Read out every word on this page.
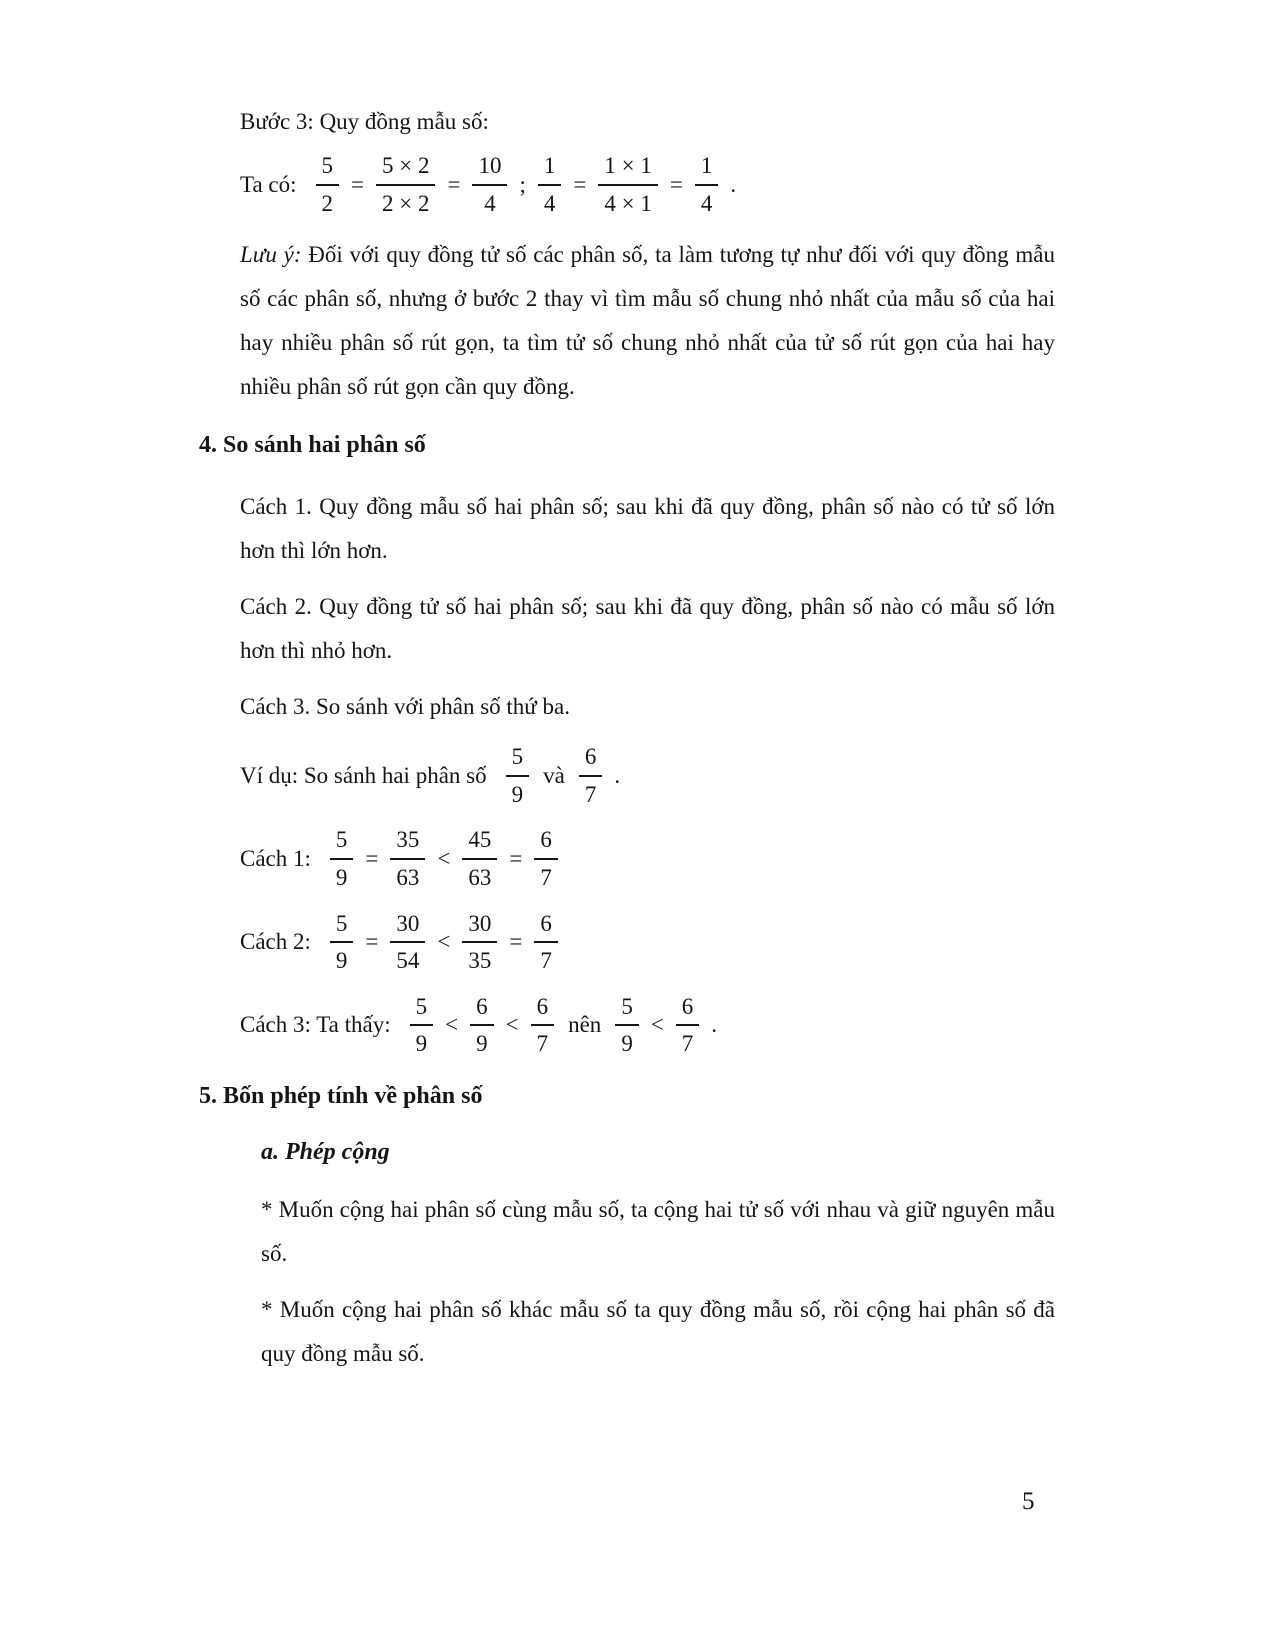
Bước 3: Quy đồng mẫu số:

Ta có: $\frac{5}{2} = \frac{5 \times 2}{2 \times 2} = \frac{10}{4}$ ; $\frac{1}{4} = \frac{1 \times 1}{4 \times 1} = \frac{1}{4}$ .

Lưu ý: Đối với quy đồng tử số các phân số, ta làm tương tự như đối với quy đồng mẫu số các phân số, nhưng ở bước 2 thay vì tìm mẫu số chung nhỏ nhất của mẫu số của hai hay nhiều phân số rút gọn, ta tìm tử số chung nhỏ nhất của tử số rút gọn của hai hay nhiều phân số rút gọn cần quy đồng.

4. So sánh hai phân số

Cách 1. Quy đồng mẫu số hai phân số; sau khi đã quy đồng, phân số nào có tử số lớn hơn thì lớn hơn.

Cách 2. Quy đồng tử số hai phân số; sau khi đã quy đồng, phân số nào có mẫu số lớn hơn thì nhỏ hơn.

Cách 3. So sánh với phân số thứ ba.

Ví dụ: So sánh hai phân số $\frac{5}{9}$ và $\frac{6}{7}$ .
Cách 1: $\frac{5}{9} = \frac{35}{63} < \frac{45}{63} = \frac{6}{7}$
Cách 2: $\frac{5}{9} = \frac{30}{54} < \frac{30}{35} = \frac{6}{7}$
Cách 3: Ta thấy: $\frac{5}{9} < \frac{6}{9} < \frac{6}{7}$ nên $\frac{5}{9} < \frac{6}{7}$ .
5. Bốn phép tính về phân số
a. Phép cộng

* Muốn cộng hai phân số cùng mẫu số, ta cộng hai tử số với nhau và giữ nguyên mẫu số.

* Muốn cộng hai phân số khác mẫu số ta quy đồng mẫu số, rồi cộng hai phân số đã quy đồng mẫu số.

5
